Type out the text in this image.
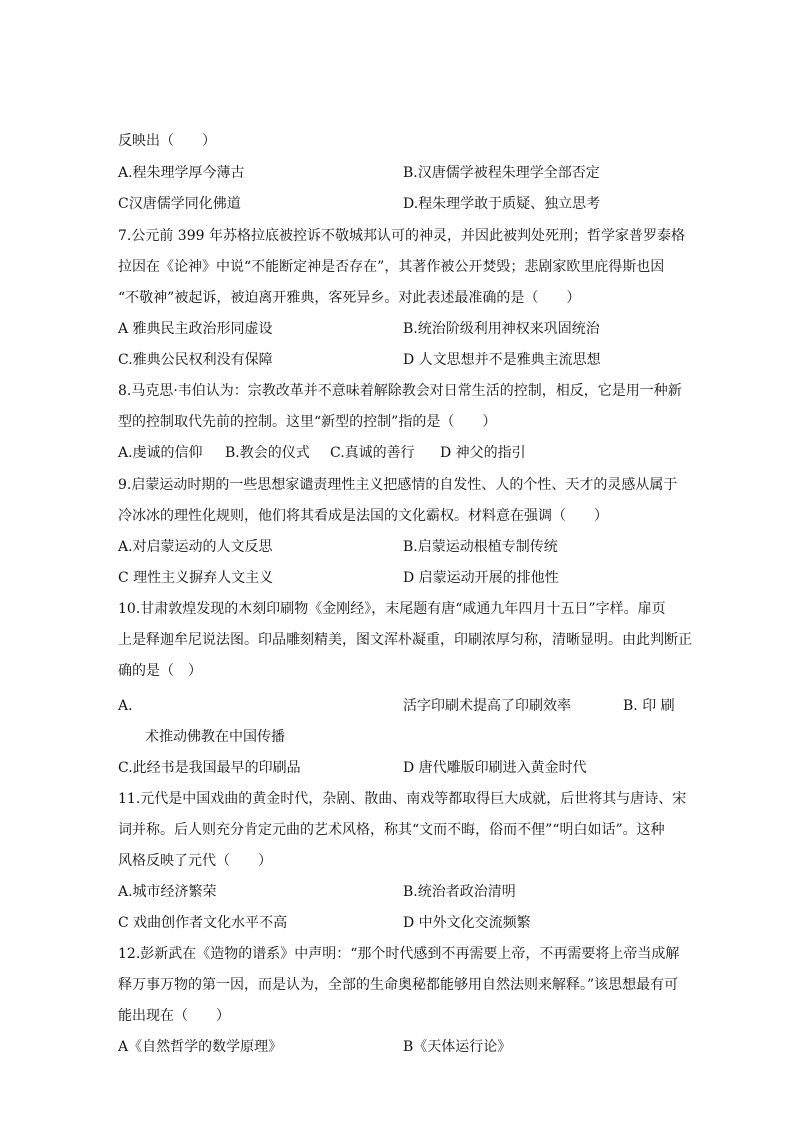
反映出（　　）
A.程朱理学厚今薄古	B.汉唐儒学被程朱理学全部否定
C汉唐儒学同化佛道	D.程朱理学敢于质疑、独立思考
7.公元前 399 年苏格拉底被控诉不敬城邦认可的神灵，并因此被判处死刑；哲学家普罗泰格
拉因在《论神》中说“不能断定神是否存在”，其著作被公开焚毁；悲剧家欧里庇得斯也因
“不敬神”被起诉，被迫离开雅典，客死异乡。对此表述最准确的是（　　）
A 雅典民主政治形同虚设	B.统治阶级利用神权来巩固统治
C.雅典公民权利没有保障	D 人文思想并不是雅典主流思想
8.马克思·韦伯认为：宗教改革并不意味着解除教会对日常生活的控制，相反，它是用一种新
型的控制取代先前的控制。这里“新型的控制”指的是（　　）
A.虔诚的信仰 B.教会的仪式 C.真诚的善行 D 神父的指引
9.启蒙运动时期的一些思想家谴责理性主义把感情的自发性、人的个性、天才的灵感从属于
冷冰冰的理性化规则，他们将其看成是法国的文化霸权。材料意在强调（　　）
A.对启蒙运动的人文反思	B.启蒙运动根植专制传统
C 理性主义摒弃人文主义	D 启蒙运动开展的排他性
10.甘肃敦煌发现的木刻印刷物《金刚经》，末尾题有唐“咸通九年四月十五日”字样。扉页
上是释迦牟尼说法图。印品雕刻精美，图文浑朴凝重，印刷浓厚匀称，清晰显明。由此判断正
确的是（　）
A.	活字印刷术提高了印刷效率	B. 印 刷
术推动佛教在中国传播
C.此经书是我国最早的印刷品	D 唐代雕版印刷进入黄金时代
11.元代是中国戏曲的黄金时代，杂剧、散曲、南戏等都取得巨大成就，后世将其与唐诗、宋
词并称。后人则充分肯定元曲的艺术风格，称其“文而不晦，俗而不俚”“明白如话”。这种
风格反映了元代（　　）
A.城市经济繁荣	B.统治者政治清明
C 戏曲创作者文化水平不高	D 中外文化交流频繁
12.彭新武在《造物的谱系》中声明：“那个时代感到不再需要上帝，不再需要将上帝当成解
释万事万物的第一因，而是认为，全部的生命奥秘都能够用自然法则来解释。”该思想最有可
能出现在（　　）
A《自然哲学的数学原理》	B《天体运行论》
